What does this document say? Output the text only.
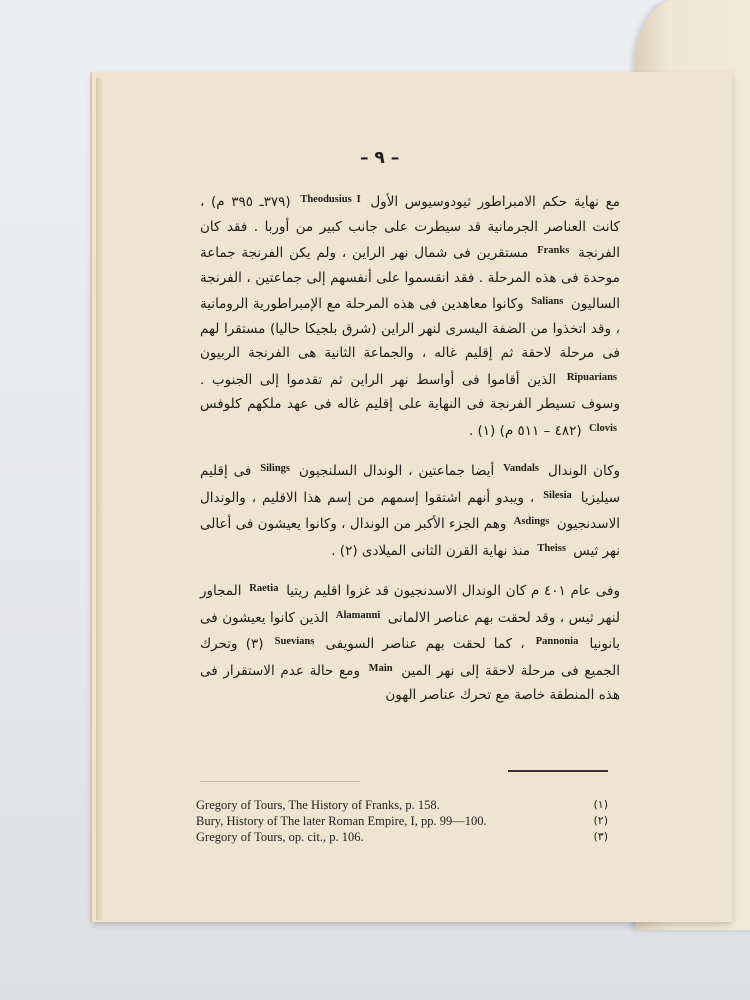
– ٩ –

مع نهاية حكم الامبراطور ثيودوسيوس الأول $^{Theodusius I}$ (٣٧٩ـ ٣٩٥ م) ، كانت العناصر الجرمانية قد سيطرت على جانب كبير من أوربا . فقد كان الفرنجة $^{Franks}$ مستقرين فى شمال نهر الراين ، ولم يكن الفرنجة جماعة موحدة فى هذه المرحلة . فقد انقسموا على أنفسهم إلى جماعتين ، الفرنجة الساليون $^{Salians}$ وكانوا معاهدين فى هذه المرحلة مع الإمبراطورية الرومانية ، وقد اتخذوا من الضفة اليسرى لنهر الراين (شرق بلجيكا حاليا) مستقرا لهم فى مرحلة لاحقة ثم إقليم غاله ، والجماعة الثانية هى الفرنجة الربيون $^{Ripuarians}$ الذين أقاموا فى أواسط نهر الراين ثم تقدموا إلى الجنوب . وسوف تسيطر الفرنجة فى النهاية على إقليم غاله فى عهد ملكهم كلوفس $^{Clovis}$ (٤٨٢ – ٥١١ م) (١) .

وكان الوندال $^{Vandals}$ أيضا جماعتين ، الوندال السلنجيون $^{Silings}$ فى إقليم سيليزيا $^{Silesia}$ ، ويبدو أنهم اشتقوا إسمهم من إسم هذا الاقليم ، والوندال الاسدنجيون $^{Asdings}$ وهم الجزء الأكبر من الوندال ، وكانوا يعيشون فى أعالى نهر ثيس $^{Theiss}$ منذ نهاية القرن الثانى الميلادى (٢) .

وفى عام ٤٠١ م كان الوندال الاسدنجيون قد غزوا اقليم ريتيا $^{Raetia}$ المجاور لنهر ثيس ، وقد لحقت بهم عناصر الالمانى $^{Alamanni}$ الذين كانوا يعيشون فى بانونيا $^{Pannonia}$ ، كما لحقت بهم عناصر السويفى $^{Suevians}$ (٣) وتحرك الجميع فى مرحلة لاحقة إلى نهر المين $^{Main}$ ومع حالة عدم الاستقرار فى هذه المنطقة خاصة مع تحرك عناصر الهون

Gregory of Tours, The History of Franks, p. 158.	(١)
Bury, History of The later Roman Empire, I, pp. 99—100.	(٢)
Gregory of Tours, op. cit., p. 106.	(٣)
